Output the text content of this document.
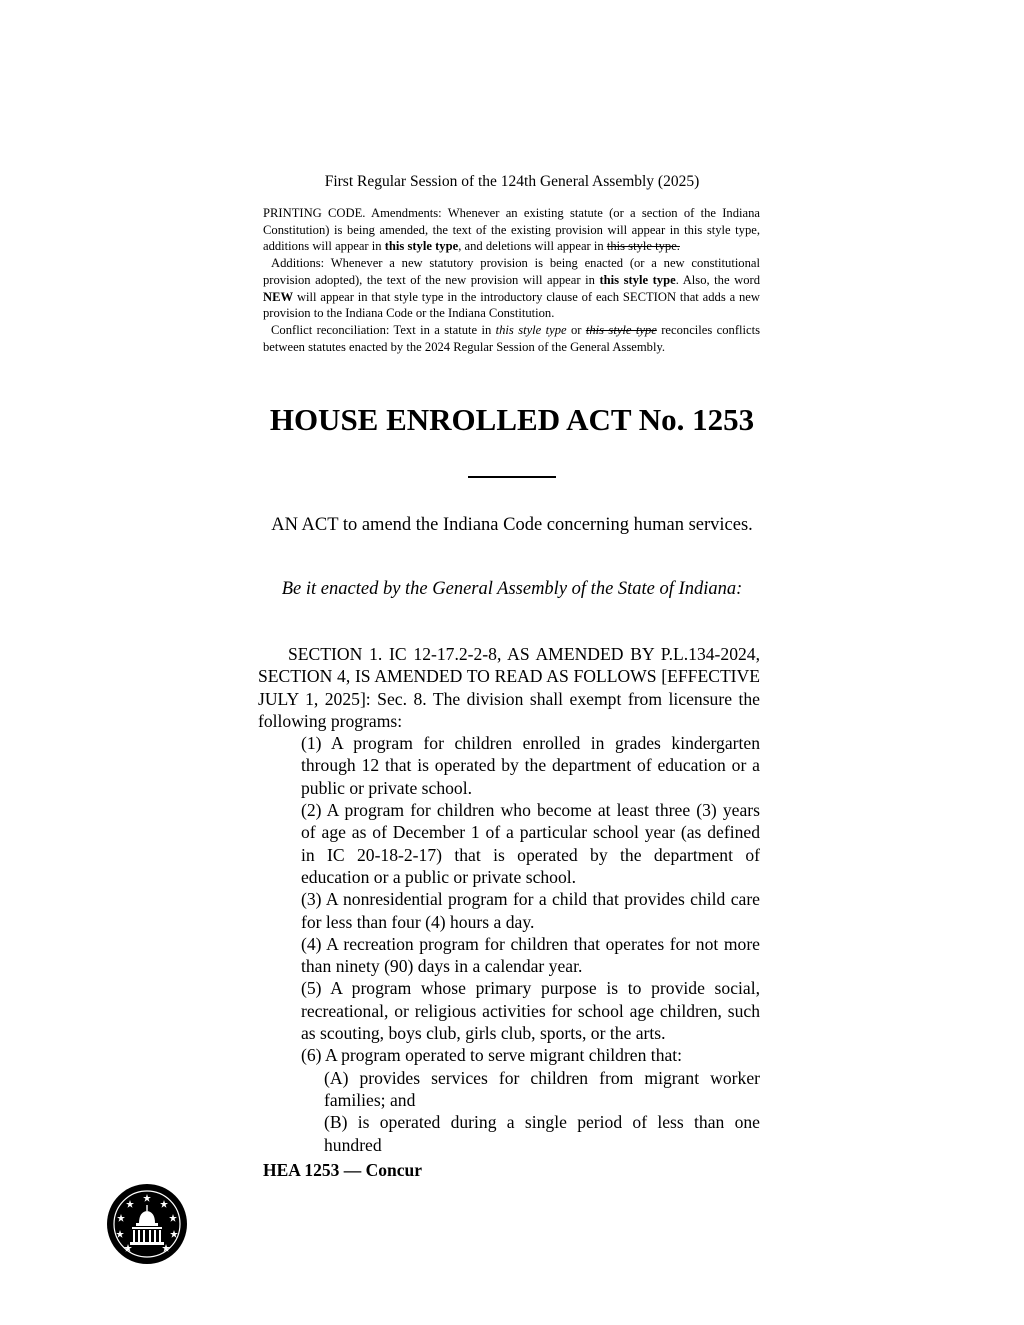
First Regular Session of the 124th General Assembly (2025)

PRINTING CODE. Amendments: Whenever an existing statute (or a section of the Indiana Constitution) is being amended, the text of the existing provision will appear in this style type, additions will appear in this style type, and deletions will appear in this style type.

Additions: Whenever a new statutory provision is being enacted (or a new constitutional provision adopted), the text of the new provision will appear in this style type. Also, the word NEW will appear in that style type in the introductory clause of each SECTION that adds a new provision to the Indiana Code or the Indiana Constitution.

Conflict reconciliation: Text in a statute in this style type or this style type reconciles conflicts between statutes enacted by the 2024 Regular Session of the General Assembly.

HOUSE ENROLLED ACT No. 1253
AN ACT to amend the Indiana Code concerning human services.
Be it enacted by the General Assembly of the State of Indiana:

SECTION 1. IC 12-17.2-2-8, AS AMENDED BY P.L.134-2024, SECTION 4, IS AMENDED TO READ AS FOLLOWS [EFFECTIVE JULY 1, 2025]: Sec. 8. The division shall exempt from licensure the following programs:

(1) A program for children enrolled in grades kindergarten through 12 that is operated by the department of education or a public or private school.

(2) A program for children who become at least three (3) years of age as of December 1 of a particular school year (as defined in IC 20-18-2-17) that is operated by the department of education or a public or private school.

(3) A nonresidential program for a child that provides child care for less than four (4) hours a day.

(4) A recreation program for children that operates for not more than ninety (90) days in a calendar year.

(5) A program whose primary purpose is to provide social, recreational, or religious activities for school age children, such as scouting, boys club, girls club, sports, or the arts.

(6) A program operated to serve migrant children that:

(A) provides services for children from migrant worker families; and

(B) is operated during a single period of less than one hundred

HEA 1253 — Concur
